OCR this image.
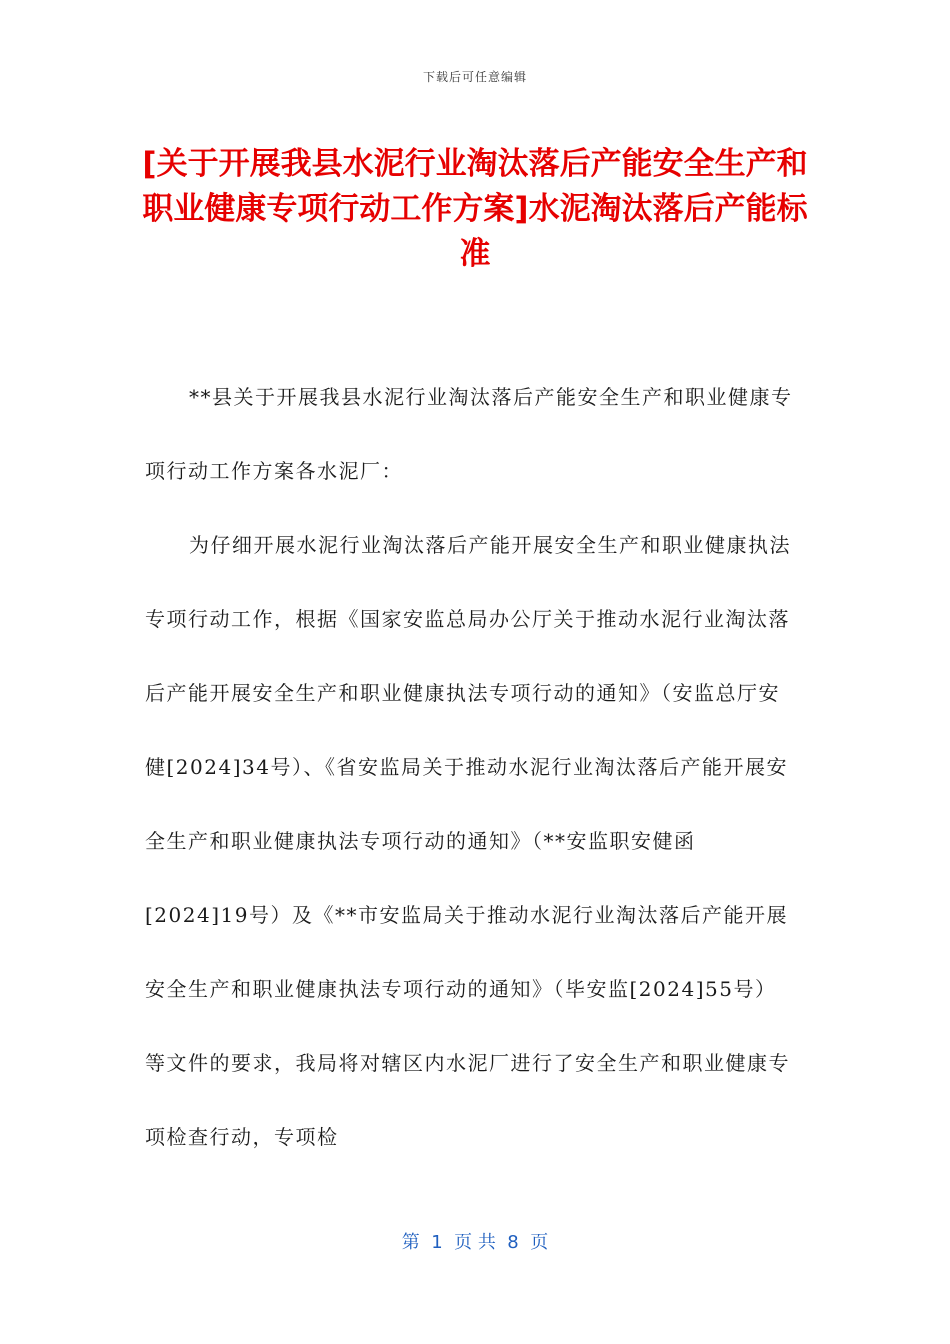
下载后可任意编辑
[关于开展我县水泥行业淘汰落后产能安全生产和职业健康专项行动工作方案]水泥淘汰落后产能标准

**县关于开展我县水泥行业淘汰落后产能安全生产和职业健康专项行动工作方案各水泥厂：

为仔细开展水泥行业淘汰落后产能开展安全生产和职业健康执法专项行动工作，根据《国家安监总局办公厅关于推动水泥行业淘汰落后产能开展安全生产和职业健康执法专项行动的通知》（安监总厅安健[2024]34号）、《省安监局关于推动水泥行业淘汰落后产能开展安全生产和职业健康执法专项行动的通知》（**安监职安健函[2024]19号）及《**市安监局关于推动水泥行业淘汰落后产能开展安全生产和职业健康执法专项行动的通知》（毕安监[2024]55号）等文件的要求，我局将对辖区内水泥厂进行了安全生产和职业健康专项检查行动，专项检

第  1  页 共  8  页
